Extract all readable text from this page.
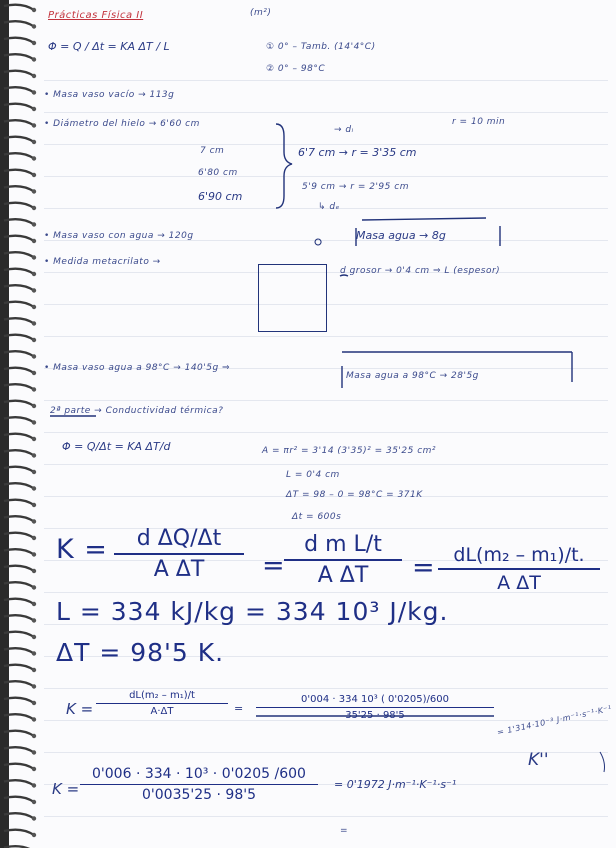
Prácticas Física II	(m²)
Φ = Q / Δt = KA ΔT / L	① 0° – Tamb. (14'4°C)
② 0° – 98°C
• Masa vaso vacío → 113g
• Diámetro del hielo → 6'60 cm
7 cm
6'80 cm
6'90 cm
→ dᵢ
r = 10 min
6'7 cm → r = 3'35 cm
5'9 cm → r = 2'95 cm
↳ dₑ
• Masa vaso con agua → 120g	Masa agua → 8g
• Medida metacrilato →
d grosor → 0'4 cm ⇒ L (espesor)
• Masa vaso agua a 98°C → 140'5g ⇒
Masa agua a 98°C → 28'5g
2ª parte → Conductividad térmica?
Φ = Q/Δt = KA ΔT/d	A = πr² = 3'14 (3'35)² = 35'25 cm²
L = 0'4 cm
ΔT = 98 – 0 = 98°C = 371K
Δt = 600s
K =	d ΔQ/Δt
A ΔT	=
d m L/t
A ΔT	= dL(m₂ – m₁)/t.
A ΔT
L = 334 kJ/kg = 334 10³ J/kg.
ΔT = 98'5 K.
K =
dL(m₂ – m₁)/t
A·ΔT	=
0'004 · 334 10³ ( 0'0205)/600
35'25 · 98'5	= 1'314·10⁻³ J·m⁻¹·s⁻¹·K⁻¹
K =
0'006 · 334 · 10³ · 0'0205 /600
0'0035'25 · 98'5
= 0'1972 J·m⁻¹·K⁻¹·s⁻¹
K''
=
